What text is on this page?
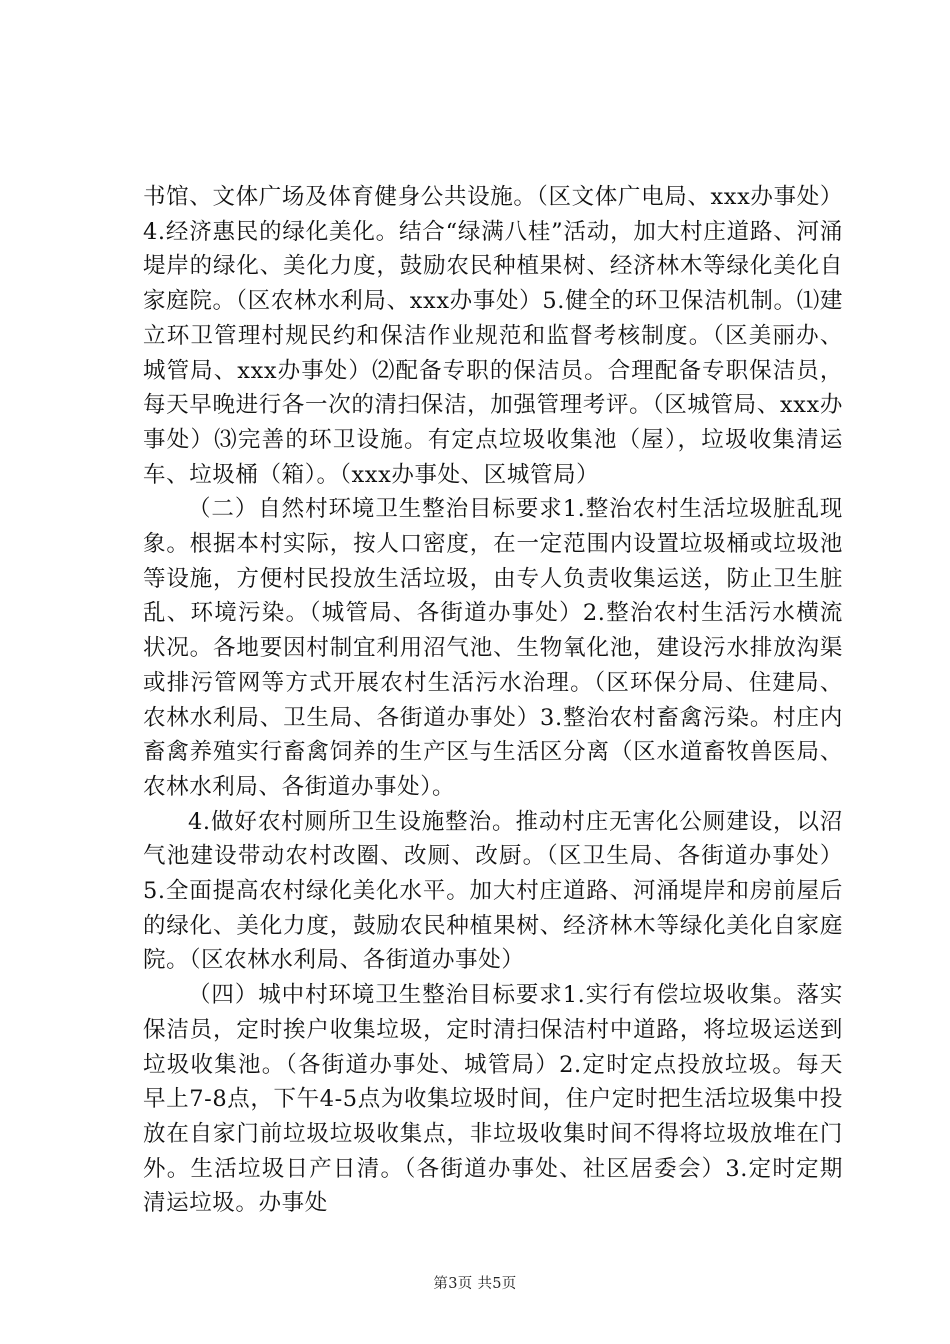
书馆、文体广场及体育健身公共设施。（区文体广电局、xxx办事处）4.经济惠民的绿化美化。结合“绿满八桂”活动，加大村庄道路、河涌堤岸的绿化、美化力度，鼓励农民种植果树、经济林木等绿化美化自家庭院。（区农林水利局、xxx办事处）5.健全的环卫保洁机制。⑴建立环卫管理村规民约和保洁作业规范和监督考核制度。（区美丽办、城管局、xxx办事处）⑵配备专职的保洁员。合理配备专职保洁员，每天早晚进行各一次的清扫保洁，加强管理考评。（区城管局、xxx办事处）⑶完善的环卫设施。有定点垃圾收集池（屋），垃圾收集清运车、垃圾桶（箱）。（xxx办事处、区城管局）

（二）自然村环境卫生整治目标要求1.整治农村生活垃圾脏乱现象。根据本村实际，按人口密度，在一定范围内设置垃圾桶或垃圾池等设施，方便村民投放生活垃圾，由专人负责收集运送，防止卫生脏乱、环境污染。（城管局、各街道办事处）2.整治农村生活污水横流状况。各地要因村制宜利用沼气池、生物氧化池，建设污水排放沟渠或排污管网等方式开展农村生活污水治理。（区环保分局、住建局、农林水利局、卫生局、各街道办事处）3.整治农村畜禽污染。村庄内畜禽养殖实行畜禽饲养的生产区与生活区分离（区水道畜牧兽医局、农林水利局、各街道办事处）。

4.做好农村厕所卫生设施整治。推动村庄无害化公厕建设，以沼气池建设带动农村改圈、改厕、改厨。（区卫生局、各街道办事处）5.全面提高农村绿化美化水平。加大村庄道路、河涌堤岸和房前屋后的绿化、美化力度，鼓励农民种植果树、经济林木等绿化美化自家庭院。（区农林水利局、各街道办事处）

（四）城中村环境卫生整治目标要求1.实行有偿垃圾收集。落实保洁员，定时挨户收集垃圾，定时清扫保洁村中道路，将垃圾运送到垃圾收集池。（各街道办事处、城管局）2.定时定点投放垃圾。每天早上7-8点，下午4-5点为收集垃圾时间，住户定时把生活垃圾集中投放在自家门前垃圾垃圾收集点，非垃圾收集时间不得将垃圾放堆在门外。生活垃圾日产日清。（各街道办事处、社区居委会）3.定时定期清运垃圾。办事处

第3页 共5页
